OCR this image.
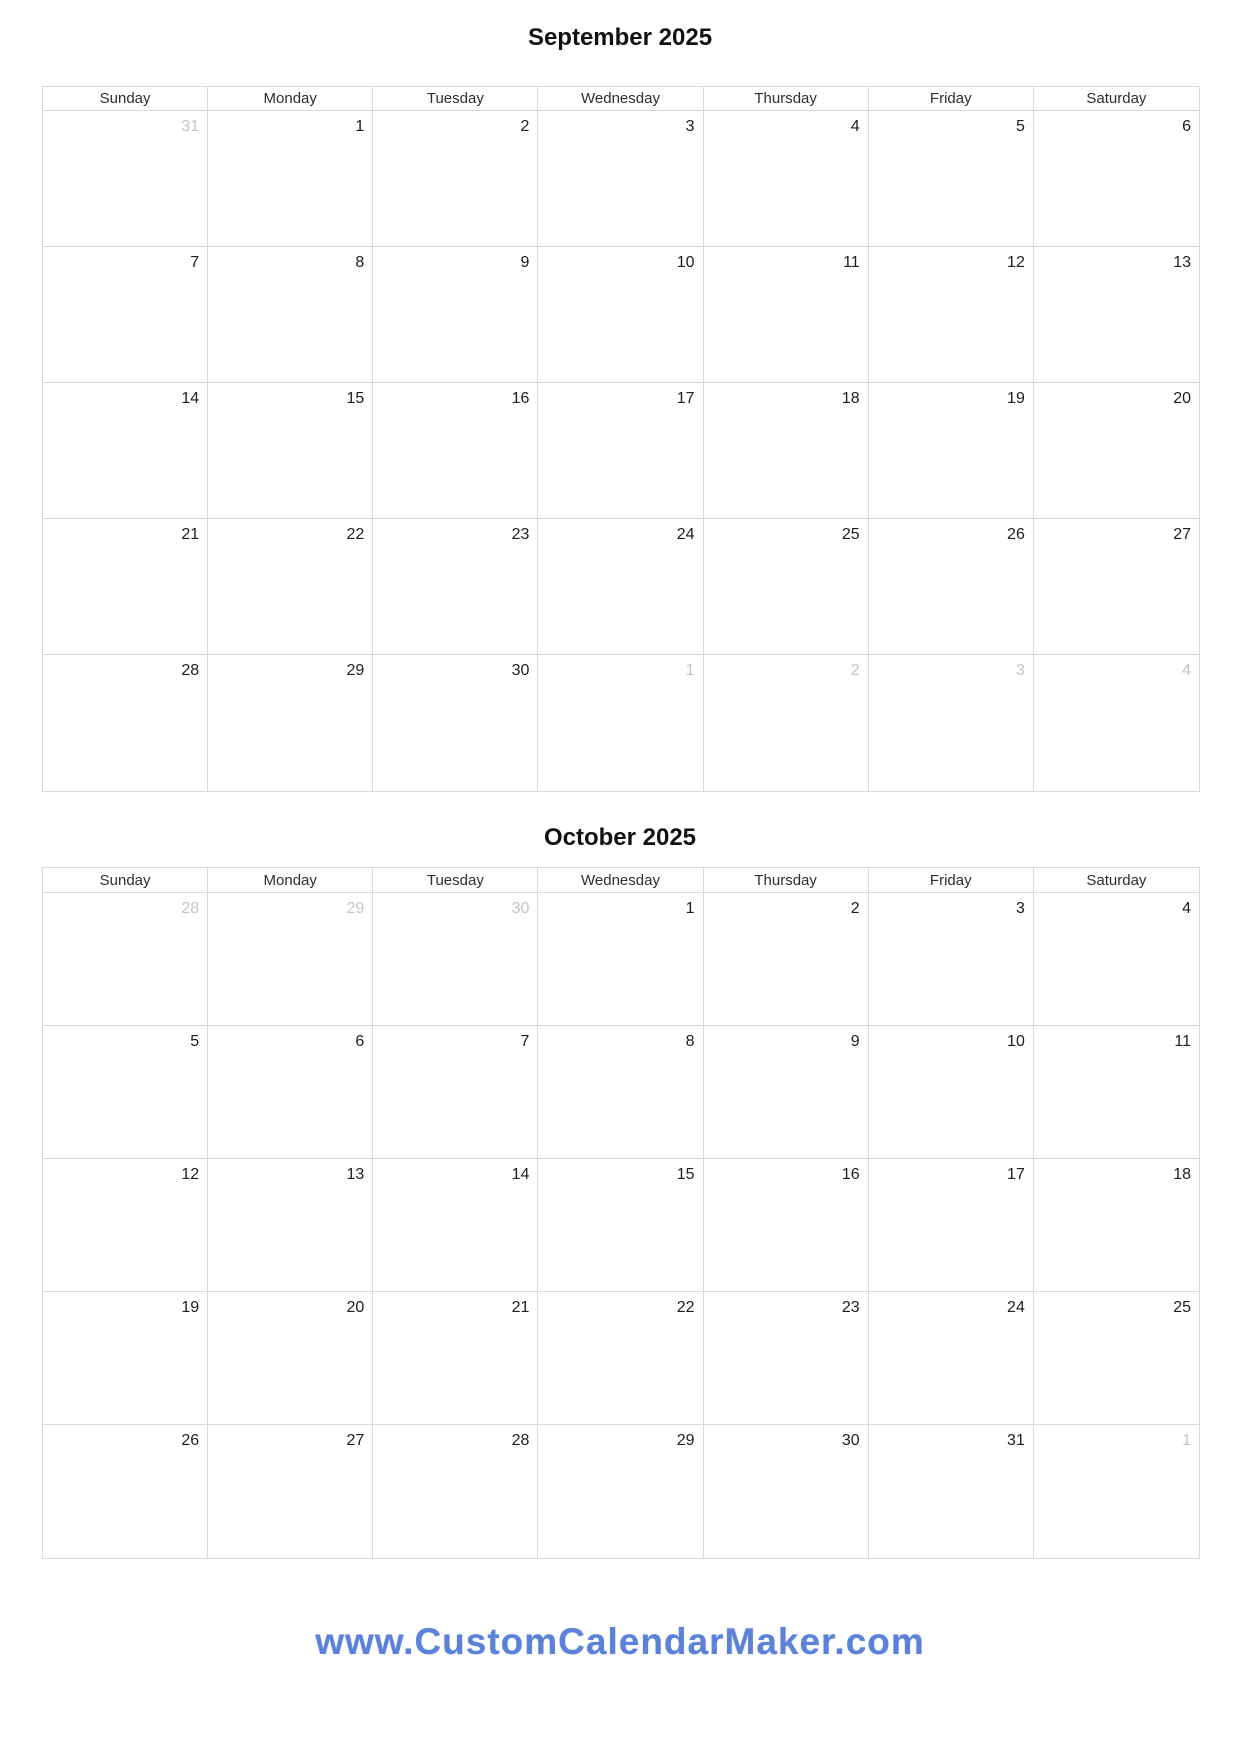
September 2025
Sunday	Monday	Tuesday	Wednesday	Thursday	Friday	Saturday
31	1	2	3	4	5	6
7	8	9	10	11	12	13
14	15	16	17	18	19	20
21	22	23	24	25	26	27
28	29	30	1	2	3	4
October 2025
Sunday	Monday	Tuesday	Wednesday	Thursday	Friday	Saturday
28	29	30	1	2	3	4
5	6	7	8	9	10	11
12	13	14	15	16	17	18
19	20	21	22	23	24	25
26	27	28	29	30	31	1
www.CustomCalendarMaker.com
